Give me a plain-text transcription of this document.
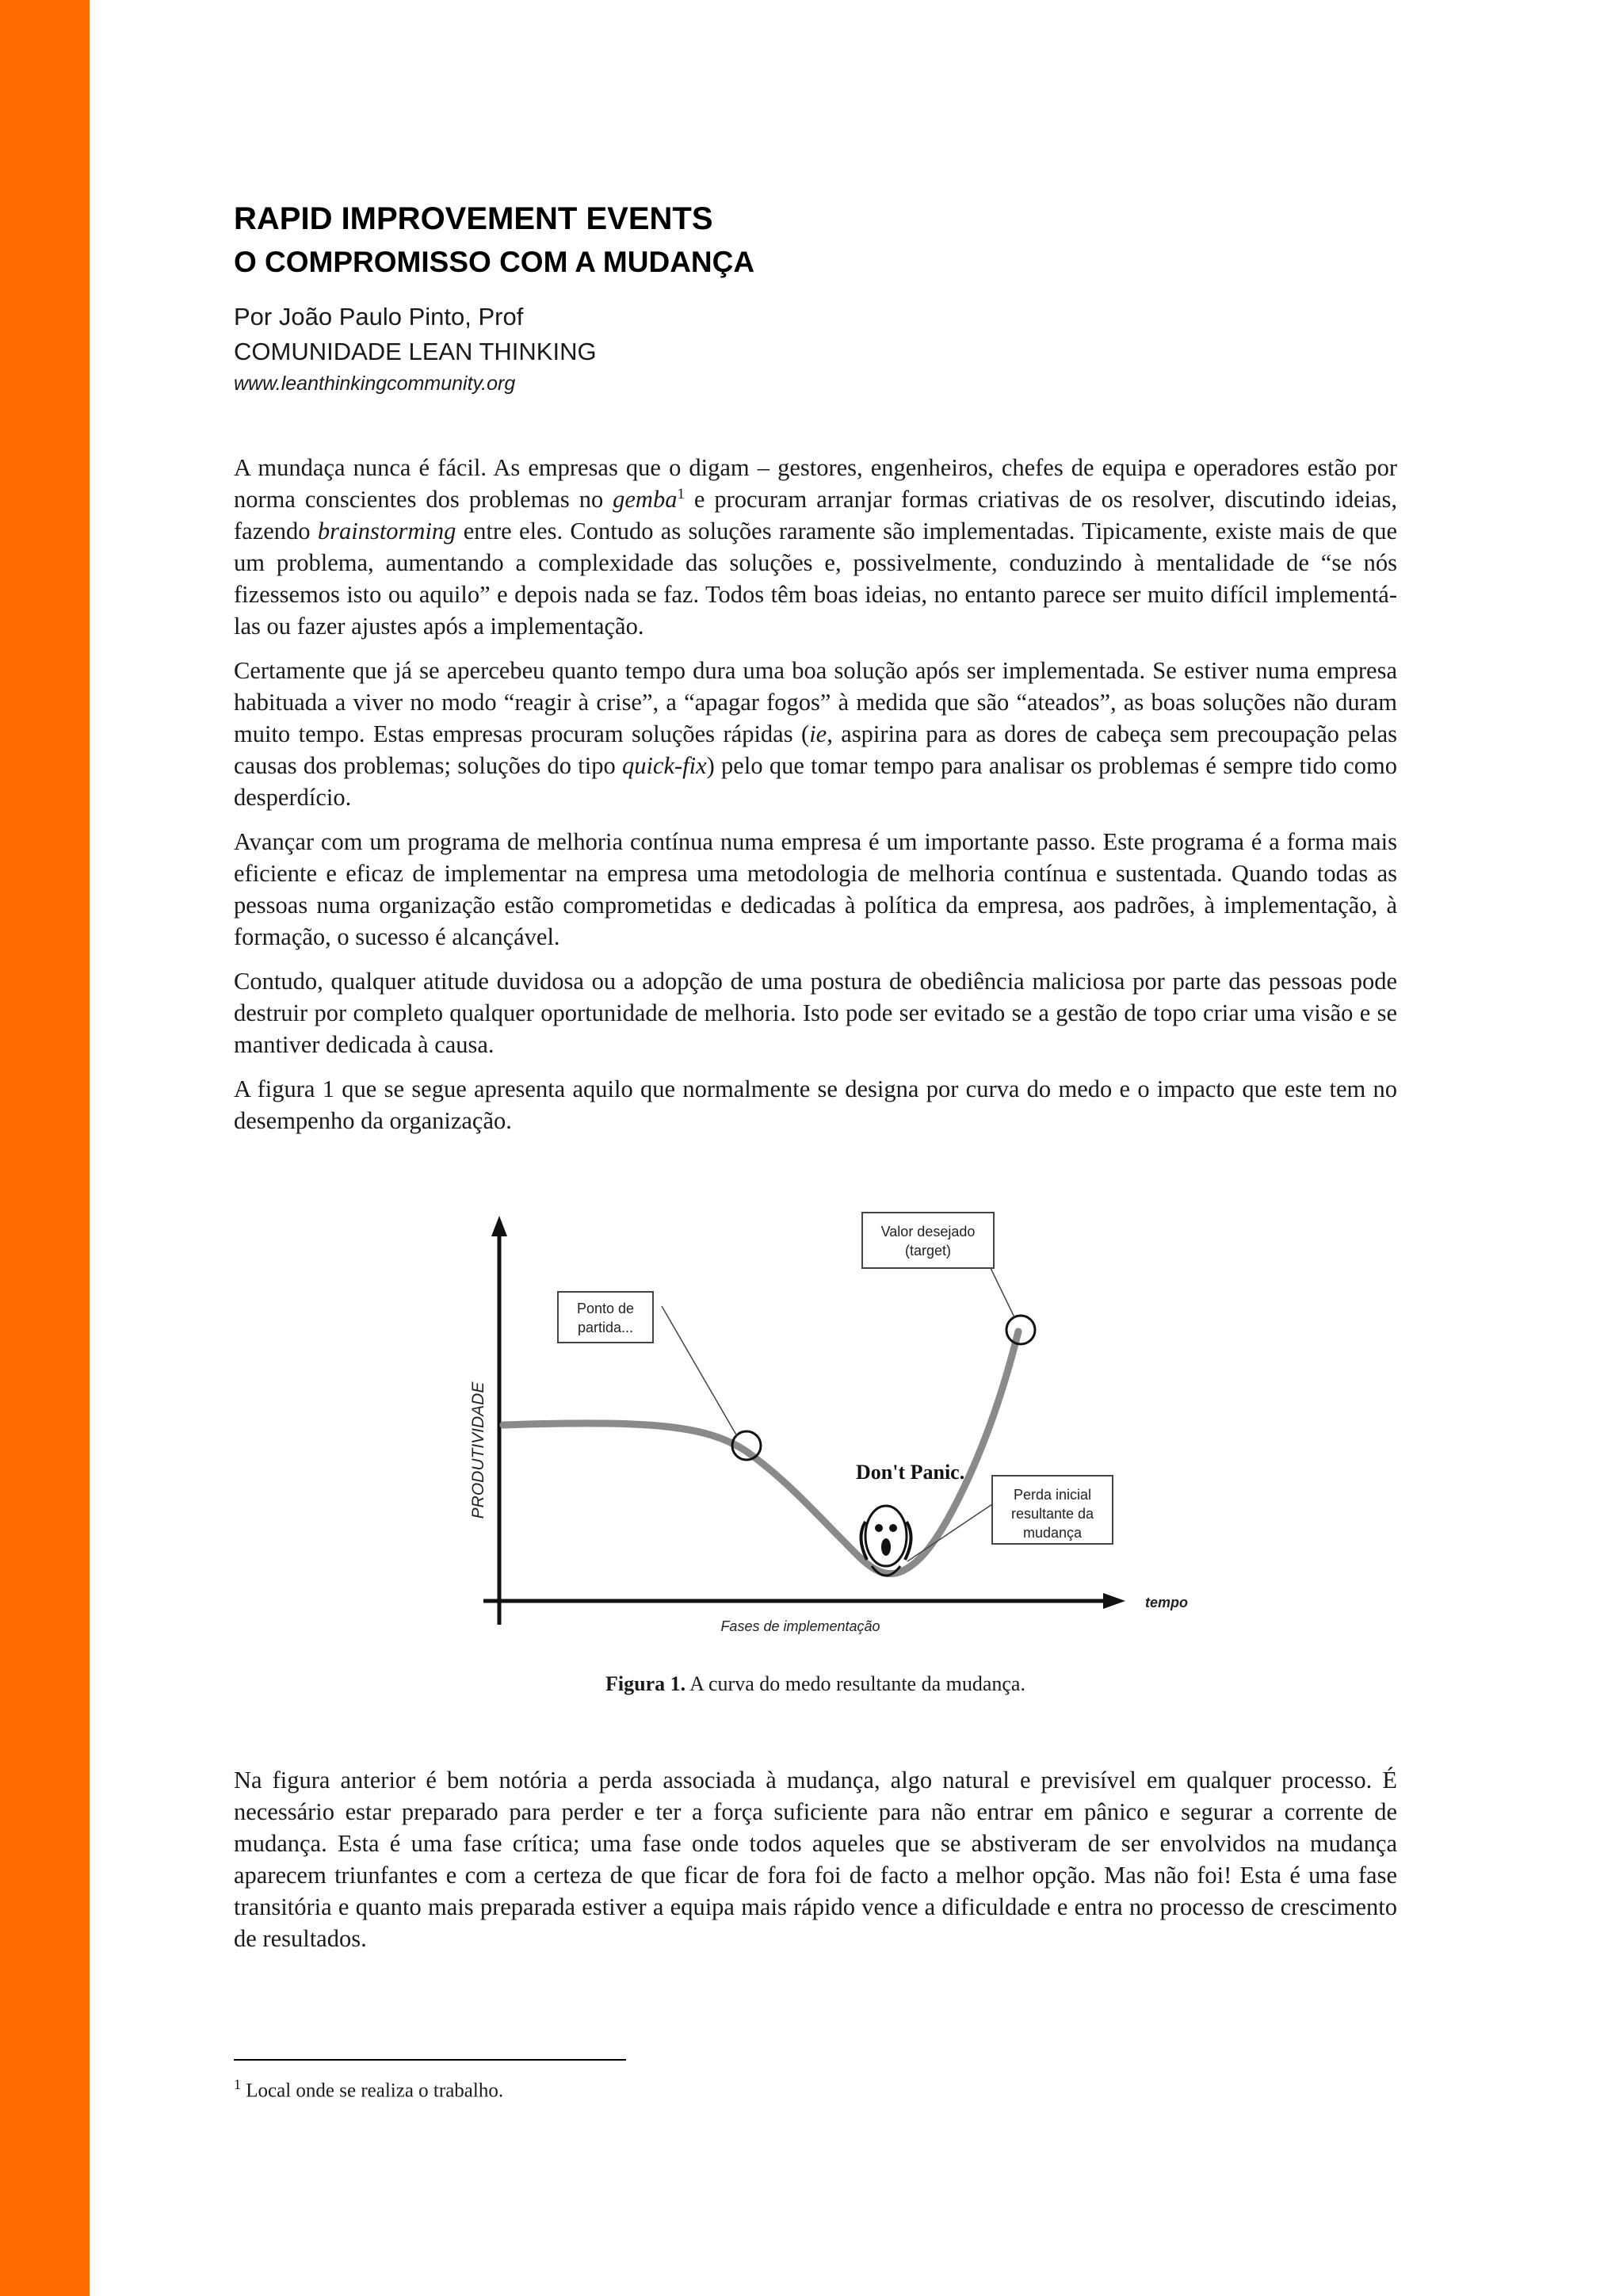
RAPID IMPROVEMENT EVENTS
O COMPROMISSO COM A MUDANÇA
Por João Paulo Pinto, Prof
COMUNIDADE LEAN THINKING
www.leanthinkingcommunity.org

A mundaça nunca é fácil. As empresas que o digam – gestores, engenheiros, chefes de equipa e operadores estão por norma conscientes dos problemas no gemba$^1$ e procuram arranjar formas criativas de os resolver, discutindo ideias, fazendo brainstorming entre eles. Contudo as soluções raramente são implementadas. Tipicamente, existe mais de que um problema, aumentando a complexidade das soluções e, possivelmente, conduzindo à mentalidade de “se nós fizessemos isto ou aquilo” e depois nada se faz. Todos têm boas ideias, no entanto parece ser muito difícil implementá-las ou fazer ajustes após a implementação.

Certamente que já se apercebeu quanto tempo dura uma boa solução após ser implementada. Se estiver numa empresa habituada a viver no modo “reagir à crise”, a “apagar fogos” à medida que são “ateados”, as boas soluções não duram muito tempo. Estas empresas procuram soluções rápidas (ie, aspirina para as dores de cabeça sem precoupação pelas causas dos problemas; soluções do tipo quick-fix) pelo que tomar tempo para analisar os problemas é sempre tido como desperdício.

Avançar com um programa de melhoria contínua numa empresa é um importante passo. Este programa é a forma mais eficiente e eficaz de implementar na empresa uma metodologia de melhoria contínua e sustentada. Quando todas as pessoas numa organização estão comprometidas e dedicadas à política da empresa, aos padrões, à implementação, à formação, o sucesso é alcançável.

Contudo, qualquer atitude duvidosa ou a adopção de uma postura de obediência maliciosa por parte das pessoas pode destruir por completo qualquer oportunidade de melhoria. Isto pode ser evitado se a gestão de topo criar uma visão e se mantiver dedicada à causa.

A figura 1 que se segue apresenta aquilo que normalmente se designa por curva do medo e o impacto que este tem no desempenho da organização.

PRODUTIVIDADE
Fases de implementação
tempo
Ponto de
partida...
Valor desejado
(target)
Perda inicial
resultante da
mudança
Don't Panic.
Figura 1. A curva do medo resultante da mudança.

Na figura anterior é bem notória a perda associada à mudança, algo natural e previsível em qualquer processo. É necessário estar preparado para perder e ter a força suficiente para não entrar em pânico e segurar a corrente de mudança. Esta é uma fase crítica; uma fase onde todos aqueles que se abstiveram de ser envolvidos na mudança aparecem triunfantes e com a certeza de que ficar de fora foi de facto a melhor opção. Mas não foi! Esta é uma fase transitória e quanto mais preparada estiver a equipa mais rápido vence a dificuldade e entra no processo de crescimento de resultados.

$^1$ Local onde se realiza o trabalho.
